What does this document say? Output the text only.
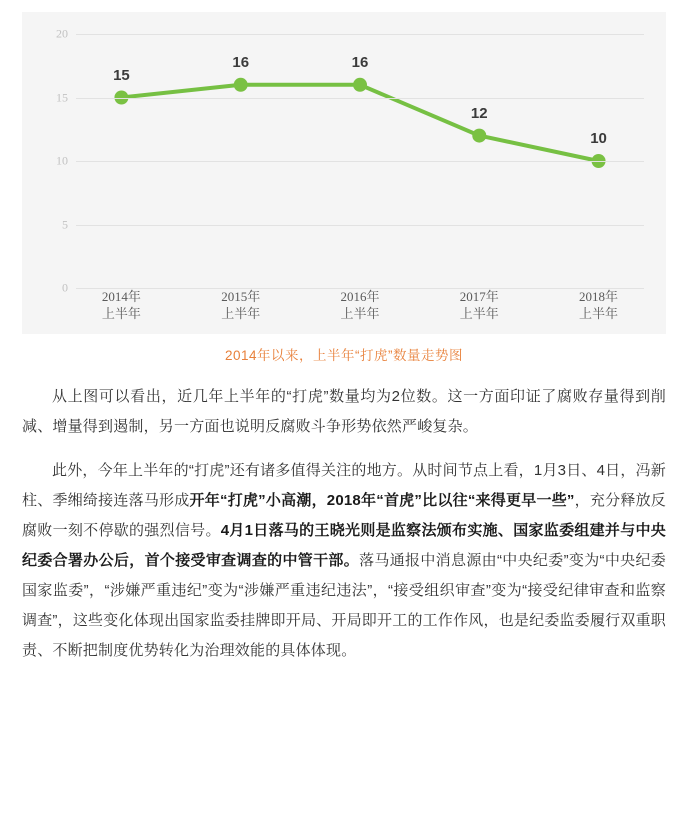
0
5
10
15
20
15
16	16
12
10
2014年
上半年
2015年
上半年
2016年
上半年
2017年
上半年
2018年
上半年
2014年以来，上半年“打虎”数量走势图

从上图可以看出，近几年上半年的“打虎”数量均为2位数。这一方面印证了腐败存量得到削减、增量得到遏制，另一方面也说明反腐败斗争形势依然严峻复杂。

此外，今年上半年的“打虎”还有诸多值得关注的地方。从时间节点上看，1月3日、4日，冯新柱、季缃绮接连落马形成开年“打虎”小高潮，2018年“首虎”比以往“来得更早一些”，充分释放反腐败一刻不停歇的强烈信号。4月1日落马的王晓光则是监察法颁布实施、国家监委组建并与中央纪委合署办公后，首个接受审查调查的中管干部。落马通报中消息源由“中央纪委”变为“中央纪委国家监委”，“涉嫌严重违纪”变为“涉嫌严重违纪违法”，“接受组织审查”变为“接受纪律审查和监察调查”，这些变化体现出国家监委挂牌即开局、开局即开工的工作作风，也是纪委监委履行双重职责、不断把制度优势转化为治理效能的具体体现。
